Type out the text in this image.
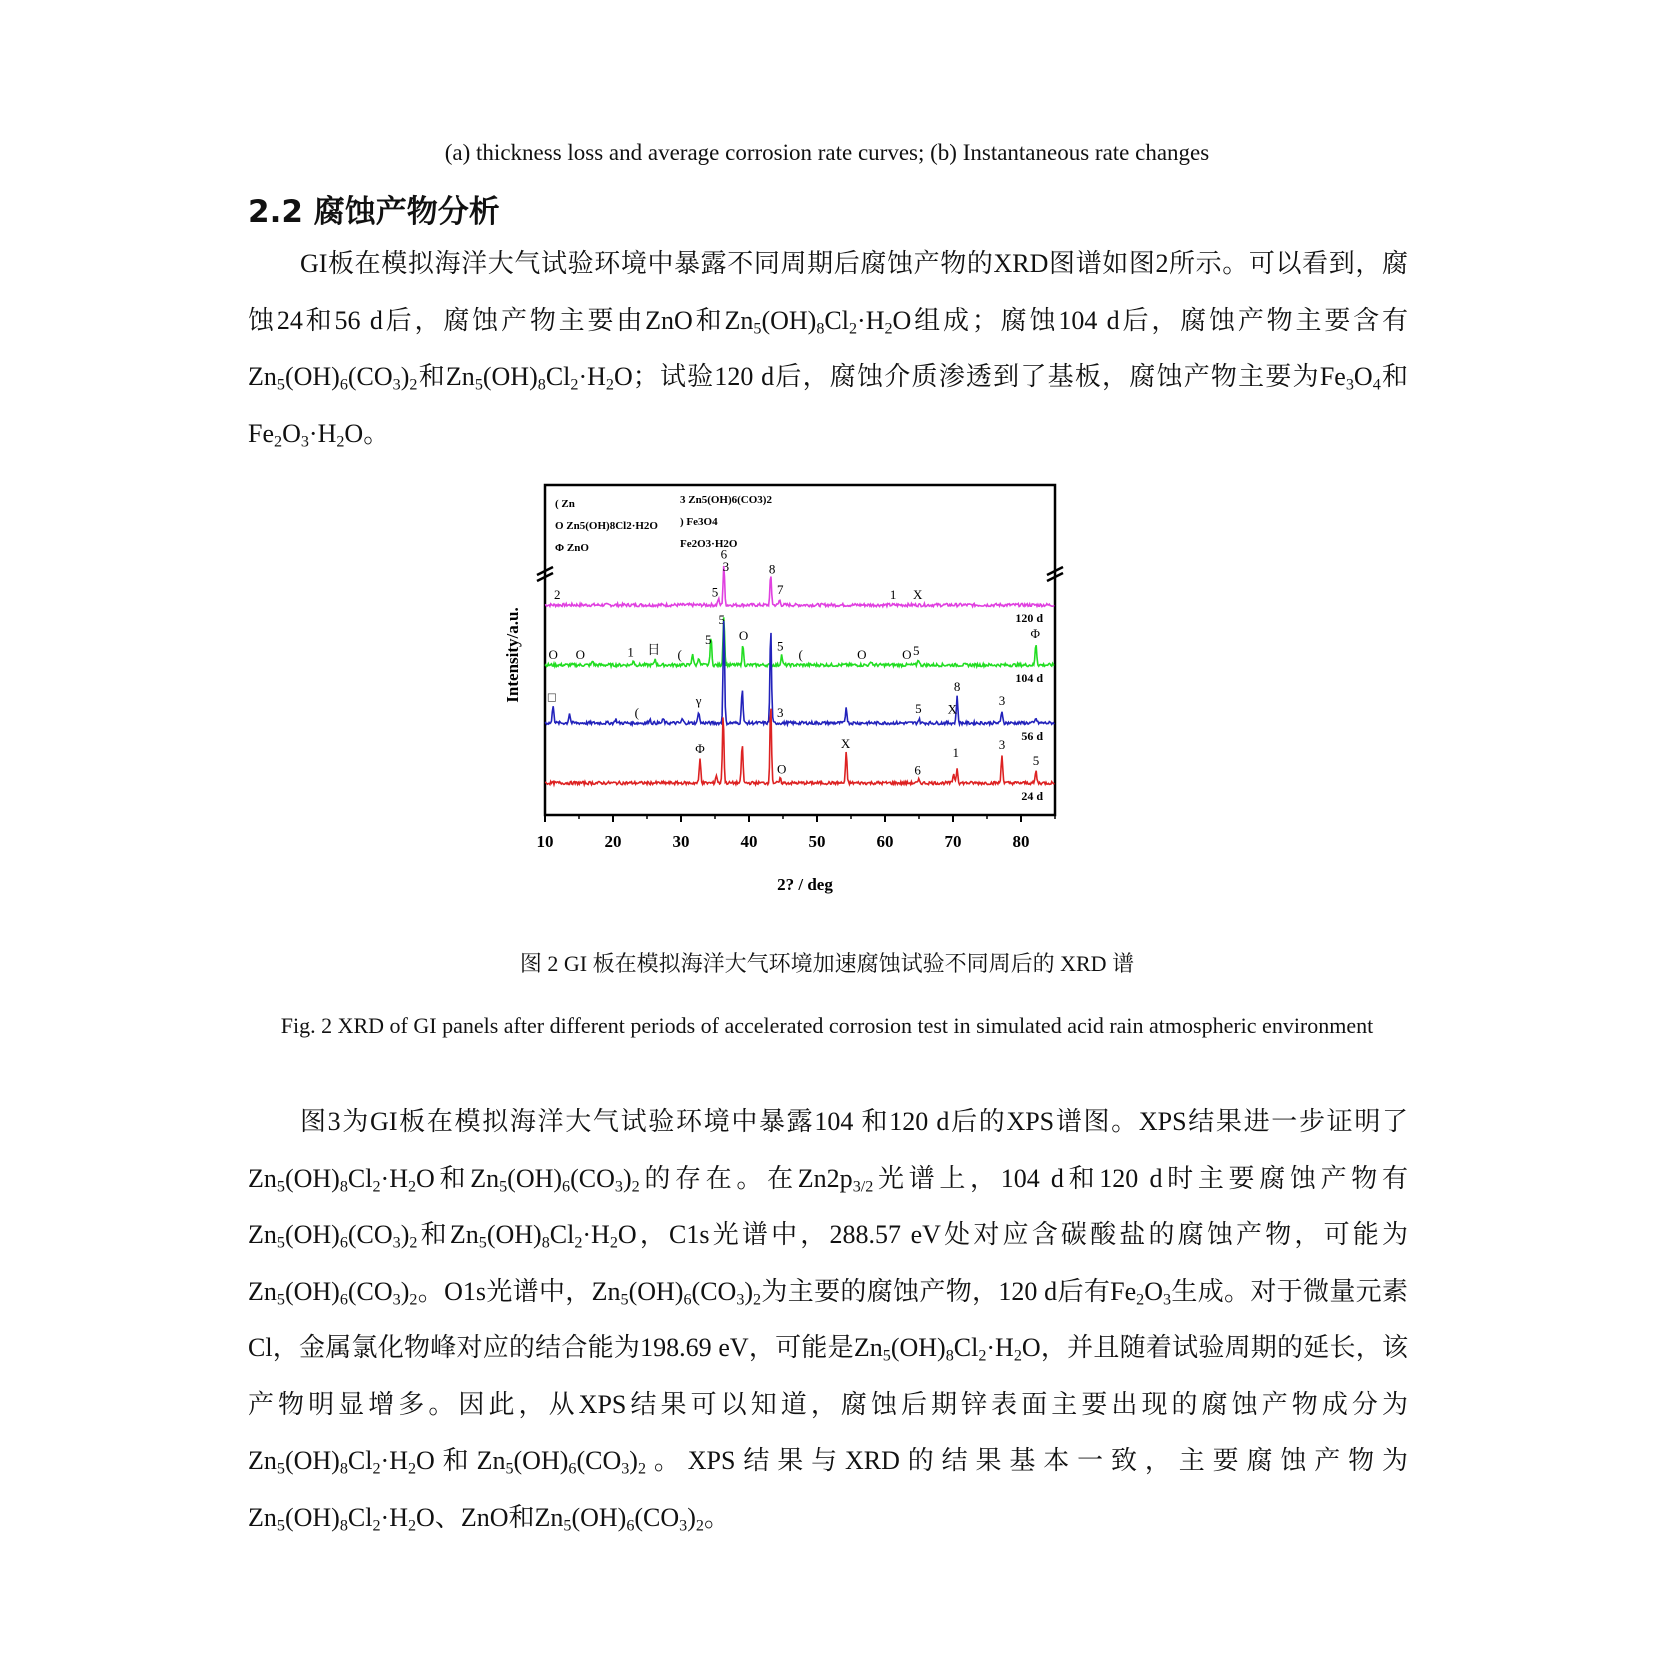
(a) thickness loss and average corrosion rate curves; (b) Instantaneous rate changes
2.2 腐蚀产物分析

GI板在模拟海洋大气试验环境中暴露不同周期后腐蚀产物的XRD图谱如图2所示。可以看到，腐蚀24和56 d后，腐蚀产物主要由ZnO和$Zn_5(OH)_8Cl_2\cdot H_2O$组成；腐蚀104 d后，腐蚀产物主要含有$Zn_5(OH)_6(CO_3)_2$和$Zn_5(OH)_8Cl_2\cdot H_2O$；试验120 d后，腐蚀介质渗透到了基板，腐蚀产物主要为$Fe_3O_4$和$Fe_2O_3\cdot H_2O$。

10	20	30	40	50	60	70	80
2? / deg
Intensity/a.u.
( Zn
O Zn5(OH)8Cl2·H2O
Φ ZnO
3 Zn5(OH)6(CO3)2
) Fe3O4
Fe2O3·H2O
120 d
2	5
6
3	8
7	1 X
104 d
O O	1 日 (
5
5
O
5
(	O	O 5
Φ
56 d
□
(
γ
3	5 X
8
3
24 d
Φ
O
X
6
1
3
5
图 2 GI 板在模拟海洋大气环境加速腐蚀试验不同周后的 XRD 谱
Fig. 2 XRD of GI panels after different periods of accelerated corrosion test in simulated acid rain atmospheric environment

图3为GI板在模拟海洋大气试验环境中暴露104 和120 d后的XPS谱图。XPS结果进一步证明了$Zn_5(OH)_8Cl_2\cdot H_2O$和$Zn_5(OH)_6(CO_3)_2$的存在。在$Zn2p_{3/2}$光谱上，104 d和120 d时主要腐蚀产物有$Zn_5(OH)_6(CO_3)_2$和$Zn_5(OH)_8Cl_2\cdot H_2O$，C1s光谱中，288.57 eV处对应含碳酸盐的腐蚀产物，可能为$Zn_5(OH)_6(CO_3)_2$。O1s光谱中，$Zn_5(OH)_6(CO_3)_2$为主要的腐蚀产物，120 d后有$Fe_2O_3$生成。对于微量元素Cl，金属氯化物峰对应的结合能为198.69 eV，可能是$Zn_5(OH)_8Cl_2\cdot H_2O$，并且随着试验周期的延长，该产物明显增多。因此，从XPS结果可以知道，腐蚀后期锌表面主要出现的腐蚀产物成分为$Zn_5(OH)_8Cl_2\cdot H_2O$和$Zn_5(OH)_6(CO_3)_2$。XPS结果与XRD的结果基本一致，主要腐蚀产物为$Zn_5(OH)_8Cl_2\cdot H_2O$、ZnO和$Zn_5(OH)_6(CO_3)_2$。
